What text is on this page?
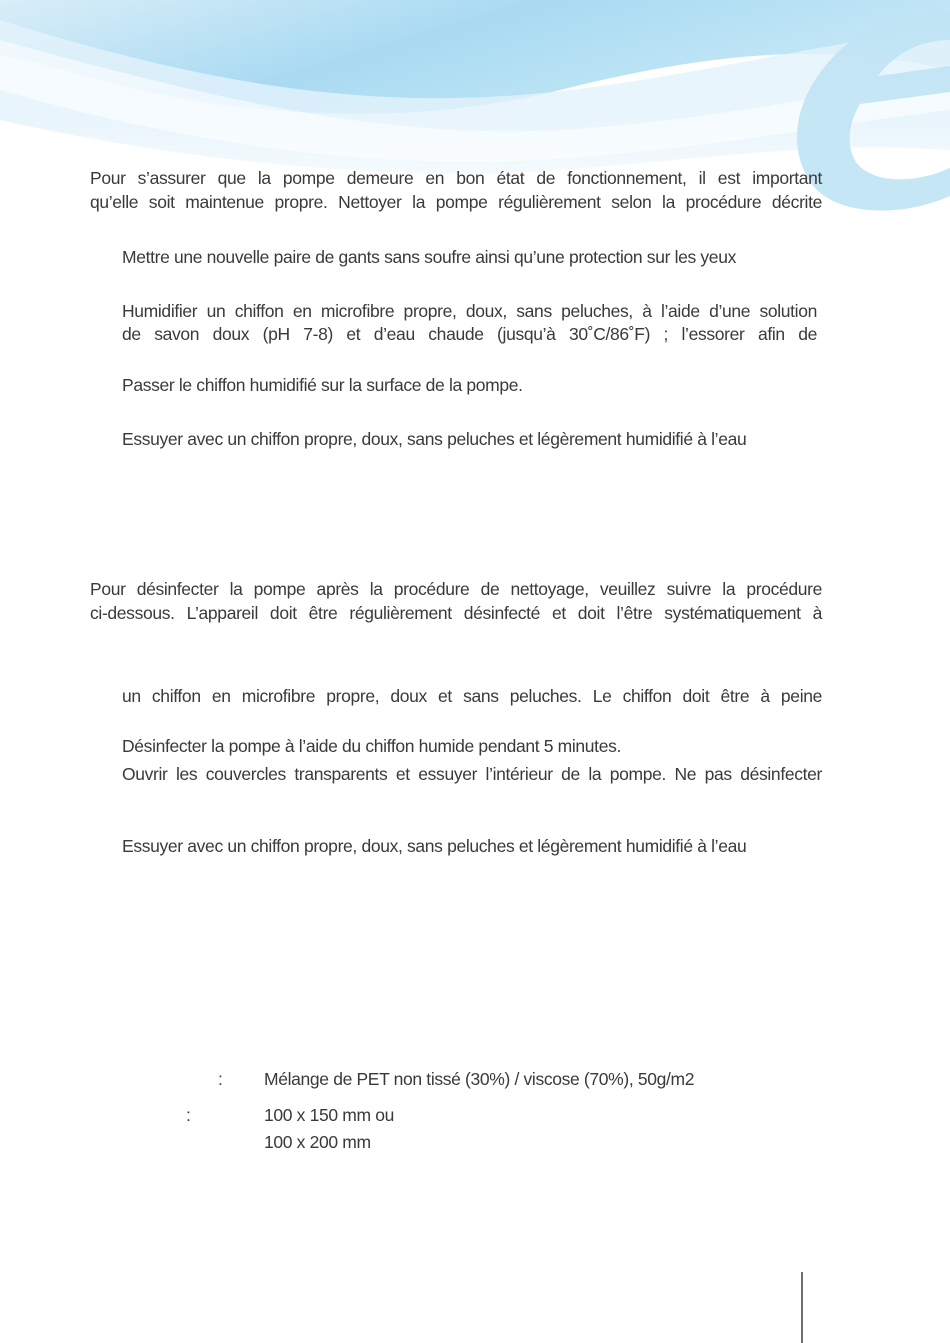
Pour s’assurer que la pompe demeure en bon état de fonctionnement, il est important
qu’elle soit maintenue propre. Nettoyer la pompe régulièrement selon la procédure décrite
Mettre une nouvelle paire de gants sans soufre ainsi qu’une protection sur les yeux
Humidifier un chiffon en microfibre propre, doux, sans peluches, à l’aide d’une solution
de savon doux (pH 7-8) et d’eau chaude (jusqu’à 30˚C/86˚F) ; l’essorer afin de
Passer le chiffon humidifié sur la surface de la pompe.
Essuyer avec un chiffon propre, doux, sans peluches et légèrement humidifié à l’eau
Pour désinfecter la pompe après la procédure de nettoyage, veuillez suivre la procédure
ci-dessous. L’appareil doit être régulièrement désinfecté et doit l’être systématiquement à
un chiffon en microfibre propre, doux et sans peluches. Le chiffon doit être à peine
Désinfecter la pompe à l’aide du chiffon humide pendant 5 minutes.
Ouvrir les couvercles transparents et essuyer l’intérieur de la pompe. Ne pas désinfecter
Essuyer avec un chiffon propre, doux, sans peluches et légèrement humidifié à l’eau
: Mélange de PET non tissé (30%) / viscose (70%), 50g/m2
:	100 x 150 mm ou
100 x 200 mm
